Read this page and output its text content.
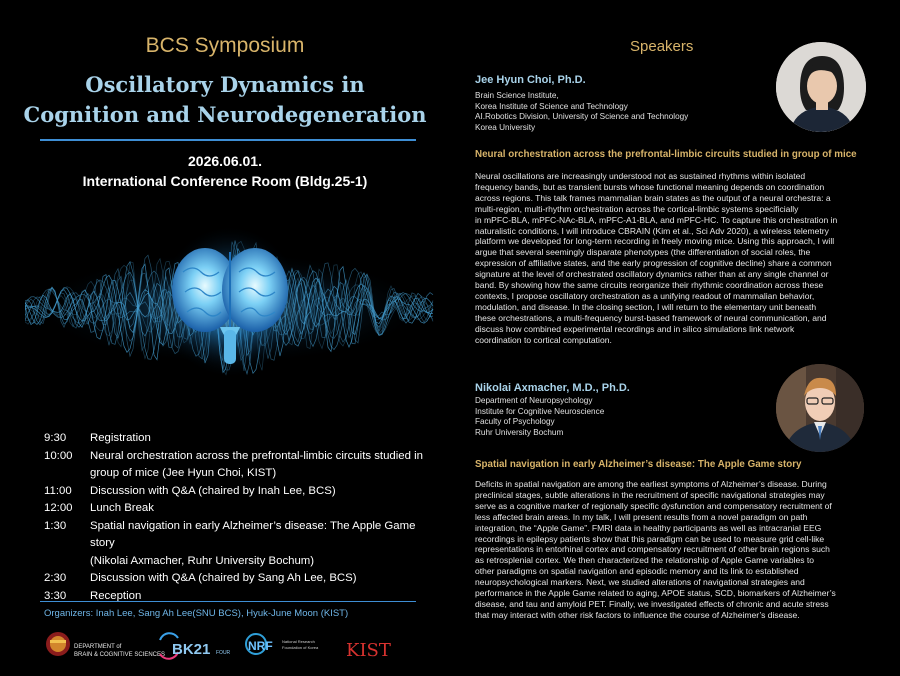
BCS Symposium
Oscillatory Dynamics in
Cognition and Neurodegeneration
2026.06.01.
International Conference Room (Bldg.25-1)
9:30	Registration
10:00	Neural orchestration across the prefrontal-limbic circuits studied in
group of mice (Jee Hyun Choi, KIST)
11:00	Discussion with Q&A (chaired by Inah Lee, BCS)
12:00	Lunch Break
1:30	Spatial navigation in early Alzheimer’s disease: The Apple Game story
(Nikolai Axmacher, Ruhr University Bochum)
2:30	Discussion with Q&A (chaired by Sang Ah Lee, BCS)
3:30	Reception
Organizers: Inah Lee, Sang Ah Lee(SNU BCS), Hyuk-June Moon (KIST)
DEPARTMENT of
BRAIN & COGNITIVE SCIENCES BK21 FOUR NRF National Research
Foundation of Korea KIST
Speakers
Jee Hyun Choi, Ph.D.
Brain Science Institute,
Korea Institute of Science and Technology
AI.Robotics Division, University of Science and Technology
Korea University
Neural orchestration across the prefrontal-limbic circuits studied in group of mice
Neural oscillations are increasingly understood not as sustained rhythms within isolated
frequency bands, but as transient bursts whose functional meaning depends on coordination
across regions. This talk frames mammalian brain states as the output of a neural orchestra: a
multi-region, multi-rhythm orchestration across the cortical-limbic systems specificially
in mPFC-BLA, mPFC-NAc-BLA, mPFC-A1-BLA, and mPFC-HC. To capture this orchestration in
naturalistic conditions, I will introduce CBRAIN (Kim et al., Sci Adv 2020), a wireless telemetry
platform we developed for long-term recording in freely moving mice. Using this approach, I will
argue that several seemingly disparate phenotypes (the differentiation of social roles, the
expression of affiliative states, and the early progression of cognitive decline) share a common
signature at the level of orchestrated oscillatory dynamics rather than at any single channel or
band. By showing how the same circuits reorganize their rhythmic coordination across these
contexts, I propose oscillatory orchestration as a unifying readout of mammalian behavior,
modulation, and disease. In the closing section, I will return to the elementary unit beneath
these orchestrations, a multi-frequency burst-based framework of neural communication, and
discuss how combined experimental recordings and in silico simulations link network
coordination to cortical computation.
Nikolai Axmacher, M.D., Ph.D.
Department of Neuropsychology
Institute for Cognitive Neuroscience
Faculty of Psychology
Ruhr University Bochum
Spatial navigation in early Alzheimer’s disease: The Apple Game story
Deficits in spatial navigation are among the earliest symptoms of Alzheimer’s disease. During
preclinical stages, subtle alterations in the recruitment of specific navigational strategies may
serve as a cognitive marker of regionally specific dysfunction and compensatory recruitment of
less affected brain areas. In my talk, I will present results from a novel paradigm on path
integration, the “Apple Game”. FMRI data in healthy participants as well as intracranial EEG
recordings in epilepsy patients show that this paradigm can be used to measure grid cell-like
representations in entorhinal cortex and compensatory recruitment of other brain regions such
as retrosplenial cortex. We then characterized the relationship of Apple Game variables to
other paradigms on spatial navigation and episodic memory and its link to established
neuropsychological markers. Next, we studied alterations of navigational strategies and
performance in the Apple Game related to aging, APOE status, SCD, biomarkers of Alzheimer’s
disease, and tau and amyloid PET. Finally, we investigated effects of chronic and acute stress
that may interact with other risk factors to influence the course of Alzheimer’s disease.
